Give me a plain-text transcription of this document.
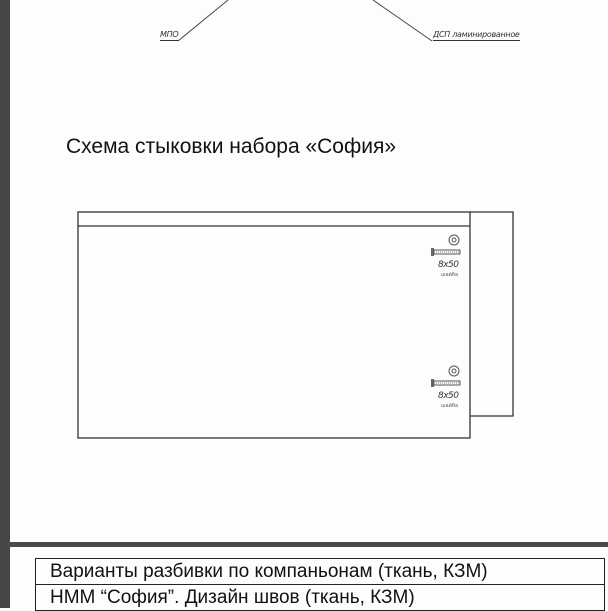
МПО	ДСП ламинированное
Схема стыковки набора «София»
8x50
шайба
8x50
шайба
Варианты разбивки по компаньонам (ткань, КЗМ)
НММ “София”. Дизайн швов (ткань, КЗМ)
